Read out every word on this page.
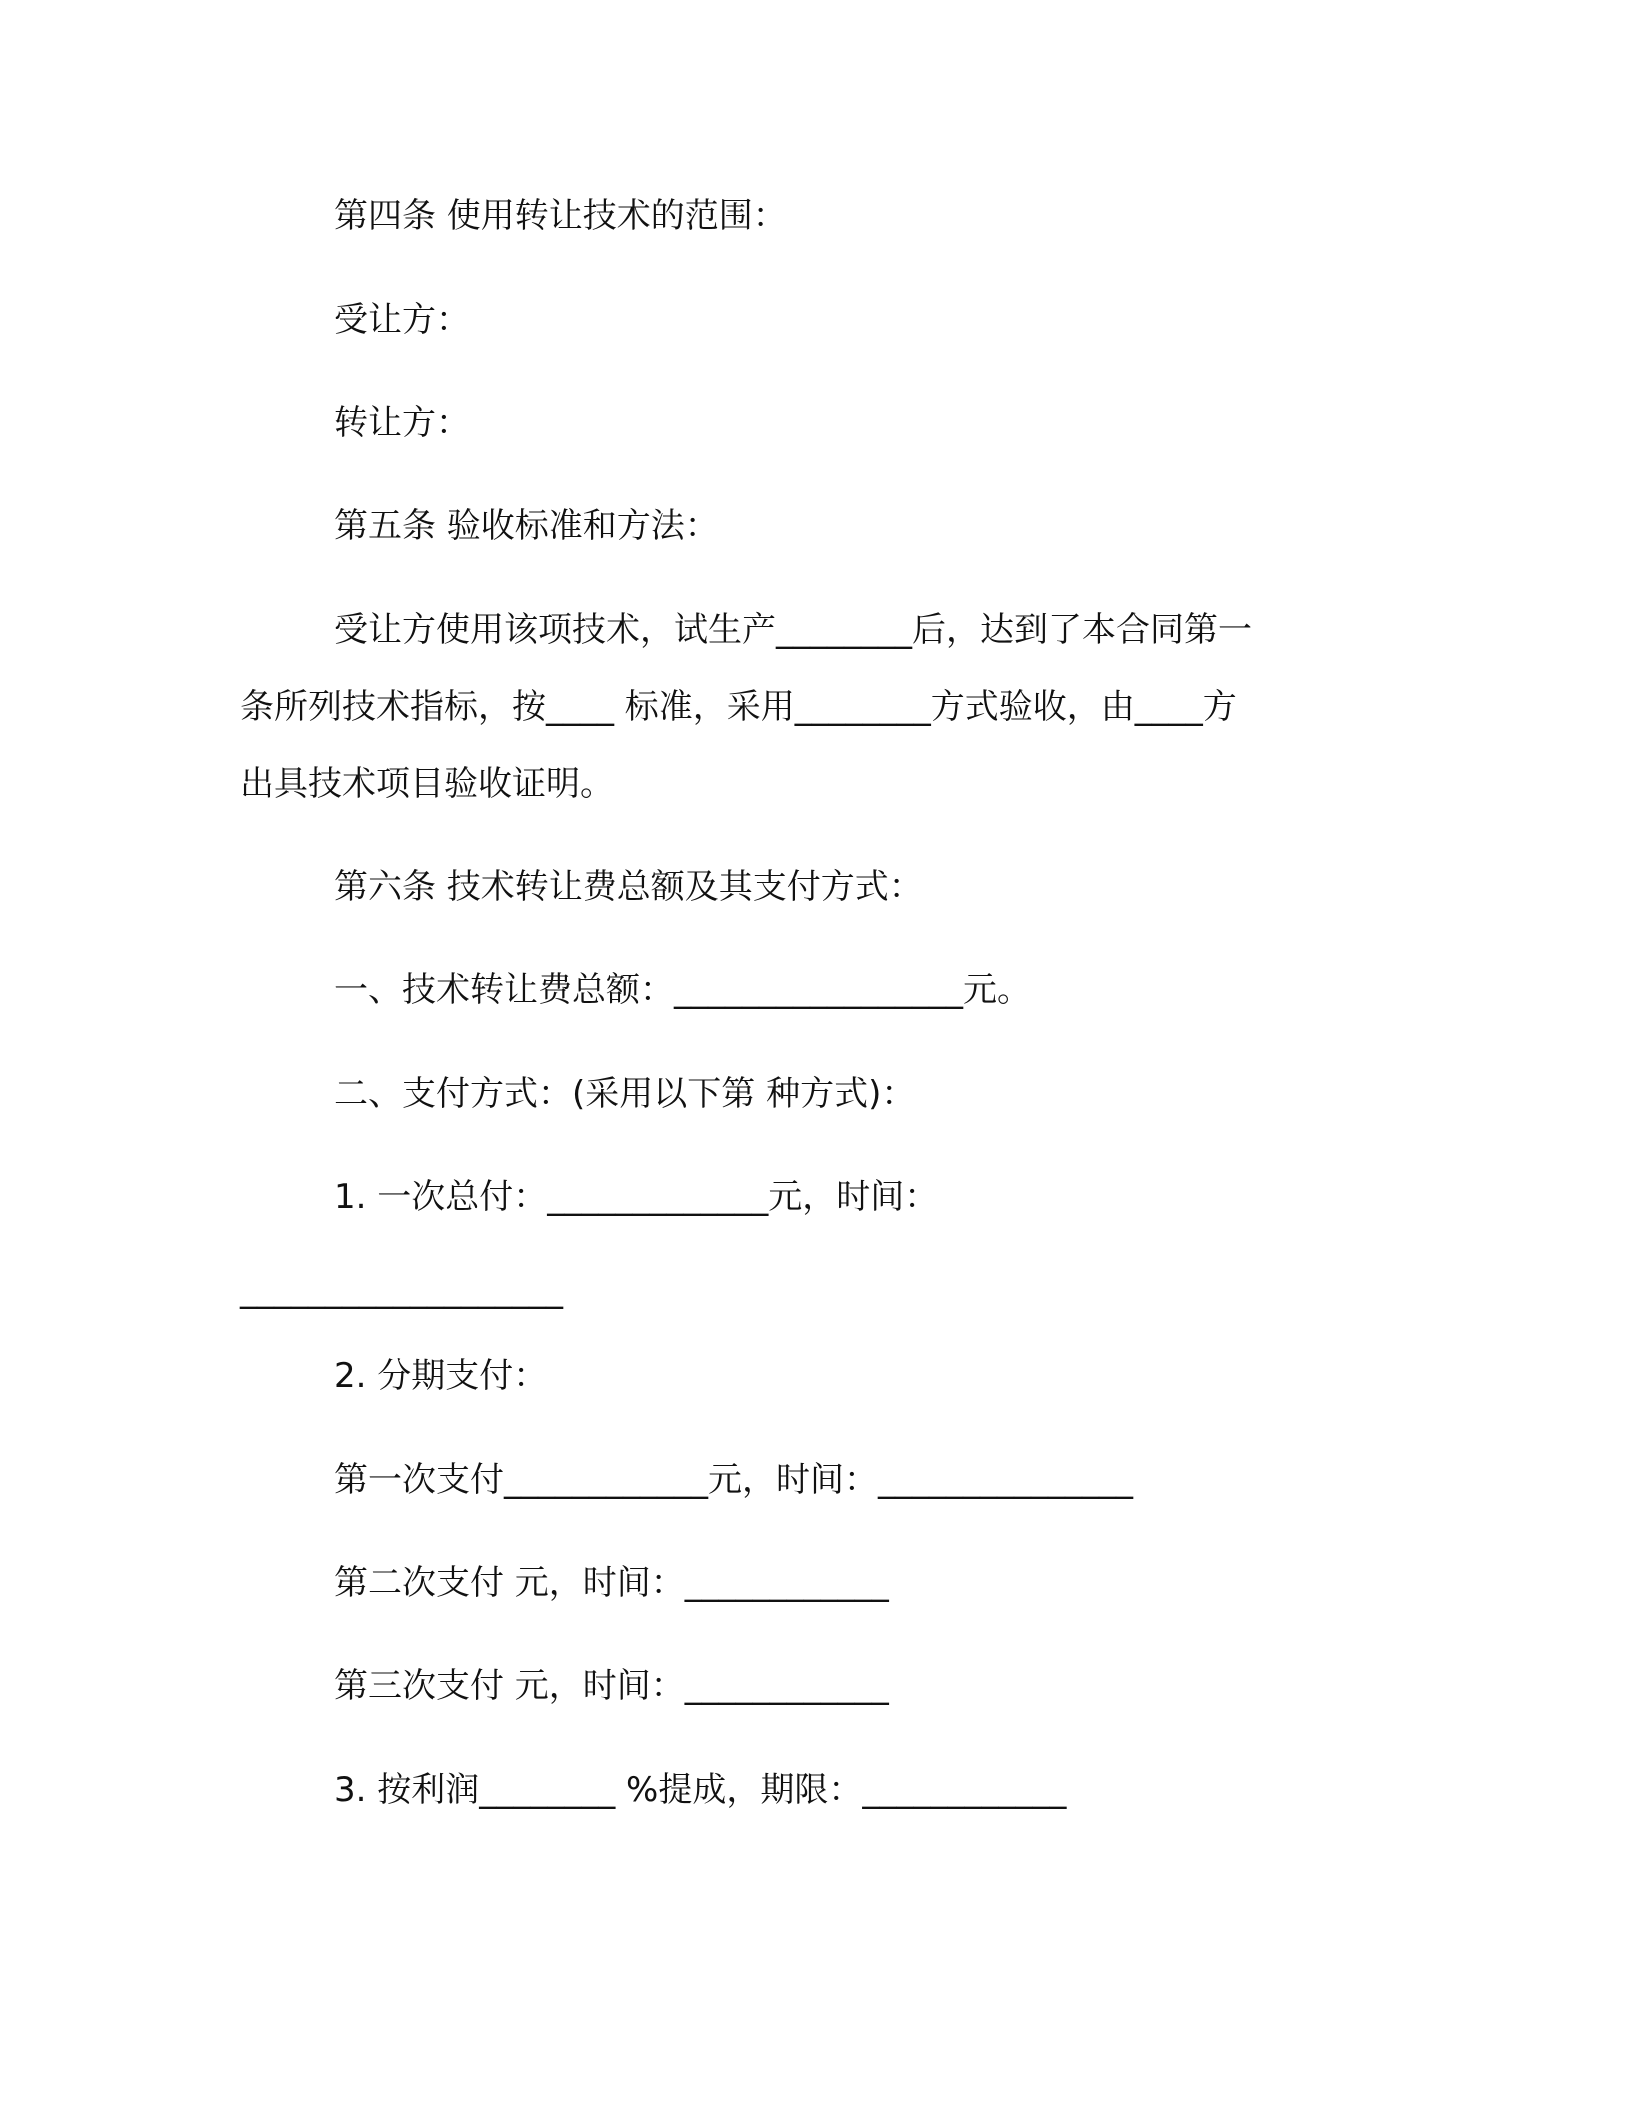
第四条 使用转让技术的范围：
受让方：
转让方：
第五条 验收标准和方法：
受让方使用该项技术，试生产________后，达到了本合同第一
条所列技术指标，按____ 标准，采用________方式验收，由____方
出具技术项目验收证明。
第六条 技术转让费总额及其支付方式：
一、技术转让费总额：_________________元。
二、支付方式：(采用以下第 种方式)：
1. 一次总付：_____________元，时间：
___________________
2. 分期支付：
第一次支付____________元，时间：_______________
第二次支付 元，时间：____________
第三次支付 元，时间：____________
3. 按利润________ %提成，期限：____________
